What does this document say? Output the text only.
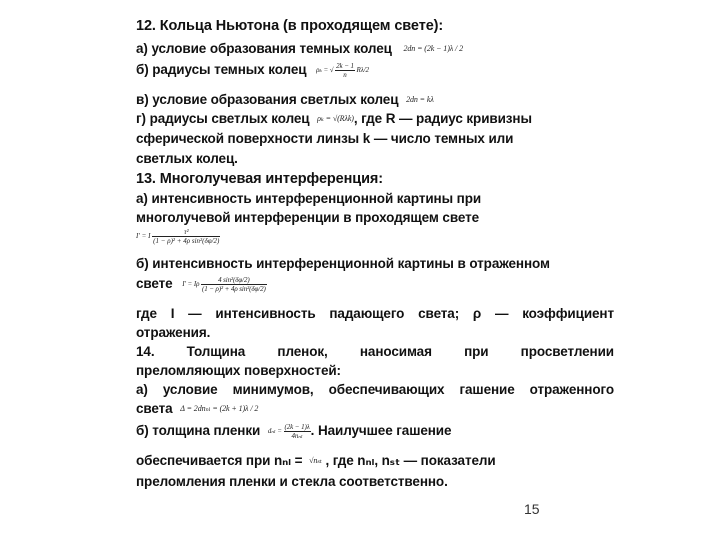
12. Кольца Ньютона (в проходящем свете):
а) условие образования темных колец 2dn = (2k − 1)λ / 2
б) радиусы темных колец ρₖ = √ $\frac{2k - 1}{n} R\lambda/2$
в) условие образования светлых колец 2dn = kλ
г) радиусы светлых колец ρₖ = √(Rλk), где R — радиус кривизны
сферической поверхности линзы k — число темных или
светлых колец.
13. Многолучевая интерференция:
а) интенсивность интерференционной картины при
многолучевой интерференции в проходящем свете
I′ = I $\frac{\text{τ²}}{\text{(1 − ρ)² + 4ρ sin²(δφ/2)}}$
б) интенсивность интерференционной картины в отраженном
свете I′ = Iρ $\frac{\text{4 sin²(δφ/2)}}{\text{(1 − ρ)² + 4ρ sin²(δφ/2)}}$
где I — интенсивность падающего света; ρ — коэффициент
отражения.
14. Толщина пленок, наносимая при просветлении
преломляющих поверхностей:
а) условие минимумов, обеспечивающих гашение отраженного
света Δ = 2dnₙₗ = (2k + 1)λ / 2
б) толщина пленки $d_{nl} = \frac{(2k - 1)\lambda}{\text{4nₙₗ}}$ . Наилучшее гашение
обеспечивается при nₙₗ = √nₛₜ , где nₙₗ, nₛₜ — показатели
преломления пленки и стекла соответственно.
15
